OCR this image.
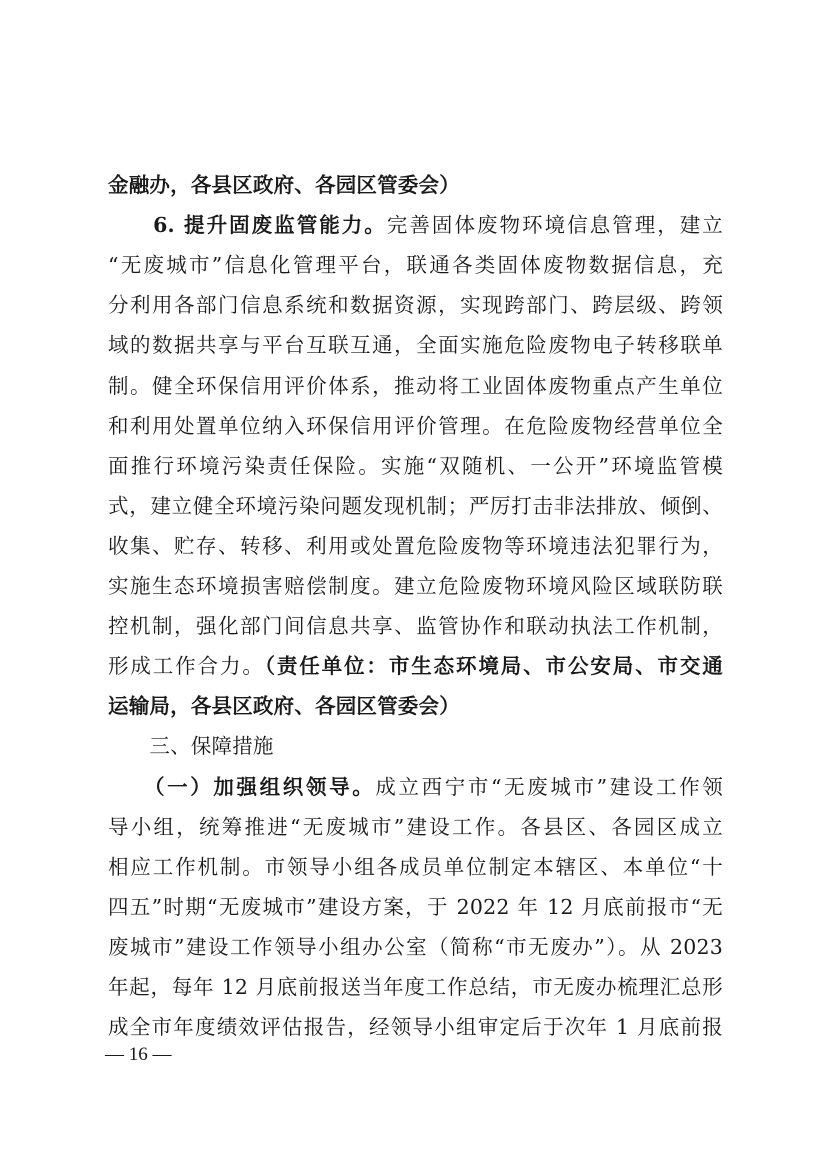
金融办，各县区政府、各园区管委会）
　　6. 提升固废监管能力。完善固体废物环境信息管理，建立
“无废城市”信息化管理平台，联通各类固体废物数据信息，充
分利用各部门信息系统和数据资源，实现跨部门、跨层级、跨领
域的数据共享与平台互联互通，全面实施危险废物电子转移联单
制。健全环保信用评价体系，推动将工业固体废物重点产生单位
和利用处置单位纳入环保信用评价管理。在危险废物经营单位全
面推行环境污染责任保险。实施“双随机、一公开”环境监管模
式，建立健全环境污染问题发现机制；严厉打击非法排放、倾倒、
收集、贮存、转移、利用或处置危险废物等环境违法犯罪行为，
实施生态环境损害赔偿制度。建立危险废物环境风险区域联防联
控机制，强化部门间信息共享、监管协作和联动执法工作机制，
形成工作合力。（责任单位：市生态环境局、市公安局、市交通
运输局，各县区政府、各园区管委会）
　　三、保障措施
　　（一）加强组织领导。成立西宁市“无废城市”建设工作领
导小组，统筹推进“无废城市”建设工作。各县区、各园区成立
相应工作机制。市领导小组各成员单位制定本辖区、本单位“十
四五”时期“无废城市”建设方案，于 2022 年 12 月底前报市“无
废城市”建设工作领导小组办公室（简称“市无废办”）。从 2023
年起，每年 12 月底前报送当年度工作总结，市无废办梳理汇总形
成全市年度绩效评估报告，经领导小组审定后于次年 1 月底前报
— 16 —
